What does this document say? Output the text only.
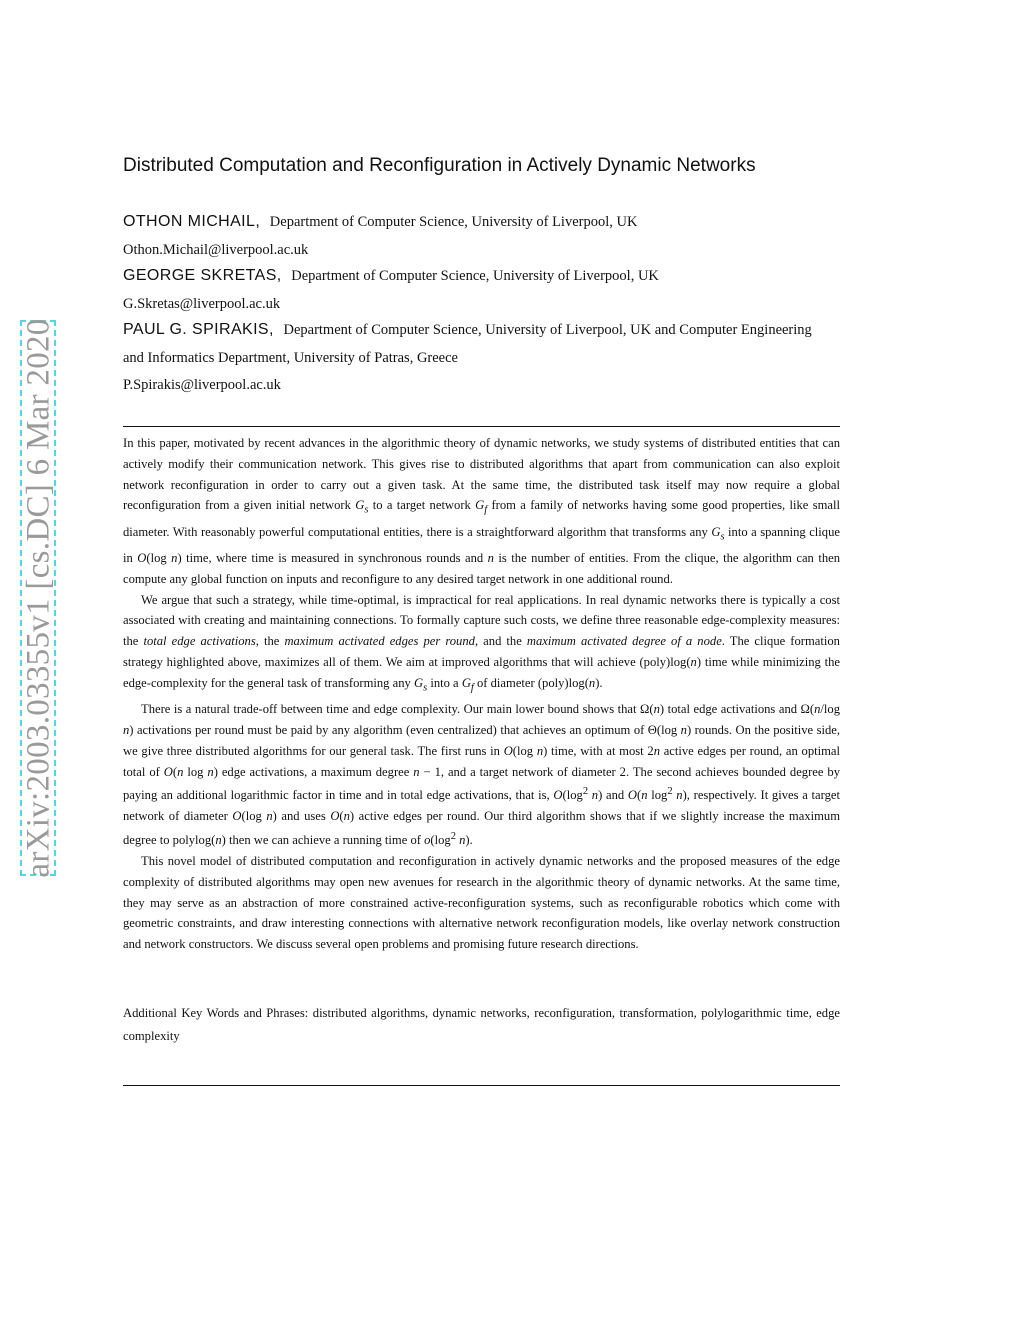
arXiv:2003.03355v1 [cs.DC] 6 Mar 2020
Distributed Computation and Reconfiguration in Actively Dynamic Networks
OTHON MICHAIL, Department of Computer Science, University of Liverpool, UK
Othon.Michail@liverpool.ac.uk
GEORGE SKRETAS, Department of Computer Science, University of Liverpool, UK
G.Skretas@liverpool.ac.uk
PAUL G. SPIRAKIS, Department of Computer Science, University of Liverpool, UK and Computer Engineering
and Informatics Department, University of Patras, Greece
P.Spirakis@liverpool.ac.uk

In this paper, motivated by recent advances in the algorithmic theory of dynamic networks, we study systems of distributed entities that can actively modify their communication network. This gives rise to distributed algorithms that apart from communication can also exploit network reconfiguration in order to carry out a given task. At the same time, the distributed task itself may now require a global reconfiguration from a given initial network $G_s$ to a target network $G_f$ from a family of networks having some good properties, like small diameter. With reasonably powerful computational entities, there is a straightforward algorithm that transforms any $G_s$ into a spanning clique in O(log n) time, where time is measured in synchronous rounds and n is the number of entities. From the clique, the algorithm can then compute any global function on inputs and reconfigure to any desired target network in one additional round.

We argue that such a strategy, while time-optimal, is impractical for real applications. In real dynamic networks there is typically a cost associated with creating and maintaining connections. To formally capture such costs, we define three reasonable edge-complexity measures: the total edge activations, the maximum activated edges per round, and the maximum activated degree of a node. The clique formation strategy highlighted above, maximizes all of them. We aim at improved algorithms that will achieve (poly)log(n) time while minimizing the edge-complexity for the general task of transforming any $G_s$ into a $G_f$ of diameter (poly)log(n).

There is a natural trade-off between time and edge complexity. Our main lower bound shows that Ω(n) total edge activations and Ω(n/log n) activations per round must be paid by any algorithm (even centralized) that achieves an optimum of Θ(log n) rounds. On the positive side, we give three distributed algorithms for our general task. The first runs in O(log n) time, with at most 2n active edges per round, an optimal total of O(n log n) edge activations, a maximum degree n − 1, and a target network of diameter 2. The second achieves bounded degree by paying an additional logarithmic factor in time and in total edge activations, that is, $O(\log^2$ n) and O(n $\log^2 n$), respectively. It gives a target network of diameter O(log n) and uses O(n) active edges per round. Our third algorithm shows that if we slightly increase the maximum degree to polylog(n) then we can achieve a running time of $o(\log^2$ n).

This novel model of distributed computation and reconfiguration in actively dynamic networks and the proposed measures of the edge complexity of distributed algorithms may open new avenues for research in the algorithmic theory of dynamic networks. At the same time, they may serve as an abstraction of more constrained active-reconfiguration systems, such as reconfigurable robotics which come with geometric constraints, and draw interesting connections with alternative network reconfiguration models, like overlay network construction and network constructors. We discuss several open problems and promising future research directions.

Additional Key Words and Phrases: distributed algorithms, dynamic networks, reconfiguration, transformation, polylogarithmic time, edge complexity
